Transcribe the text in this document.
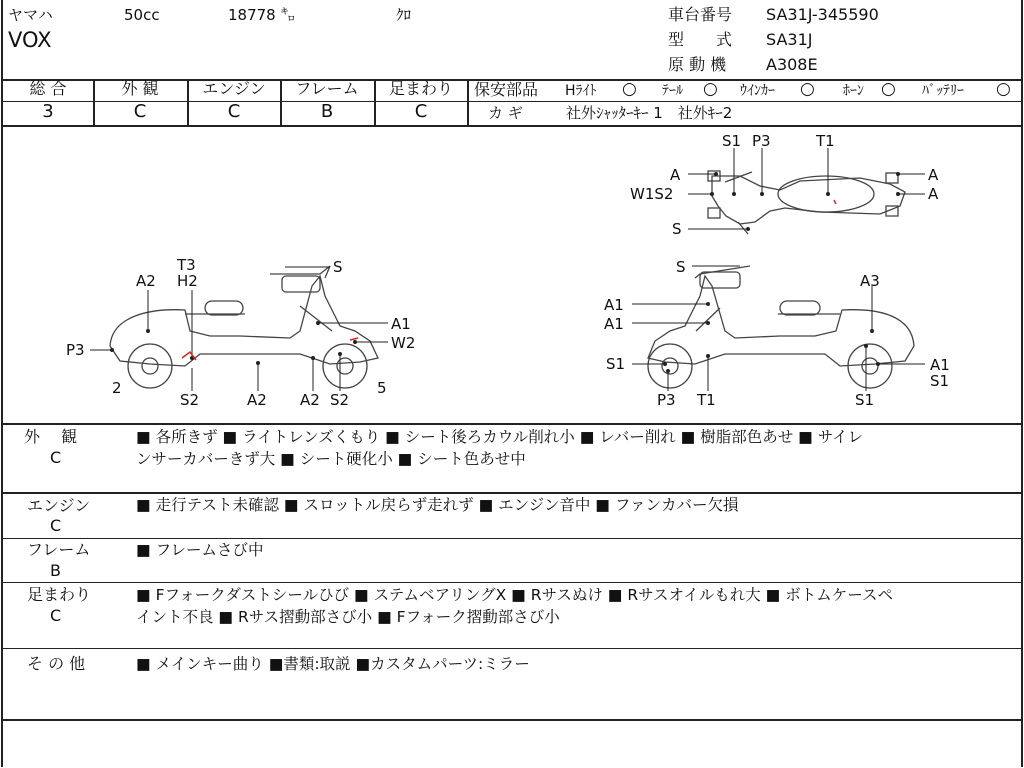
ヤマハ	50cc	18778 ㌔	ｸﾛ
VOX
車台番号 SA31J-345590
型　　式 SA31J
原 動 機 A308E
総 合	外 観	エンジン	フレーム	足まわり
3	C	C	B	C
保安部品 Hﾗｲﾄ ○ ﾃｰﾙ ○ ｳｲﾝｶｰ ○ ﾎｰﾝ ○ ﾊﾞｯﾃﾘｰ ○
カ ギ	社外ｼｬｯﾀｰｷｰ 1　社外ｷｰ2
T3
H2
A2
S
A1
W2
P3
2
S2	A2 A2 S2
5
S1 P3	T1
A	A
A
W1S2
S
S
A3
A1
A1
S1	A1
S1
P3 T1	S1
外　 観
C
■ 各所きず ■ ライトレンズくもり ■ シート後ろカウル削れ小 ■ レバー削れ ■ 樹脂部色あせ ■ サイレ
ンサーカバーきず大 ■ シート硬化小 ■ シート色あせ中
エンジン
C
■ 走行テスト未確認 ■ スロットル戻らず走れず ■ エンジン音中 ■ ファンカバー欠損
フレーム
B
■ フレームさび中
足まわり
C
■ Fフォークダストシールひび ■ ステムベアリングX ■ Rサスぬけ ■ Rサスオイルもれ大 ■ ボトムケースペ
イント不良 ■ Rサス摺動部さび小 ■ Fフォーク摺動部さび小
そ の 他	■ メインキー曲り ■書類:取説 ■カスタムパーツ:ミラー
